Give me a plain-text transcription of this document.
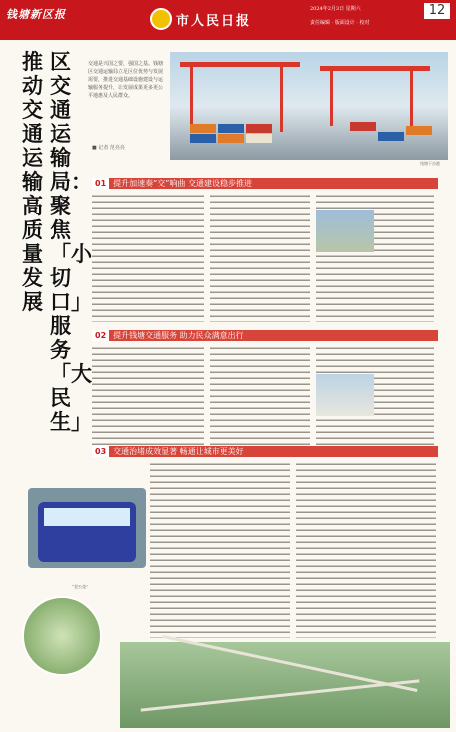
钱塘新区报	市人民日报
2024年2月3日 星期六
责任编辑 · 版面设计 · 校对
12
推动交通运输高质量发展
区交通运输局：聚焦「小切口」服务「大民生」
交通是兴国之要，强国之基。钱塘区交通运输局立足区位优势与发展需要，推进交通基础设施建设与运输服务提升，让发展成果更多更公平地惠及人民群众。
钱塘下沙港
■ 记者 范亮亮
01 提升加速奏“交”响曲 交通建设稳步推进
02 提升钱塘交通服务 助力民众满意出行
03 交通治堵成效显著 畅通让城市更美好
“全公交”
